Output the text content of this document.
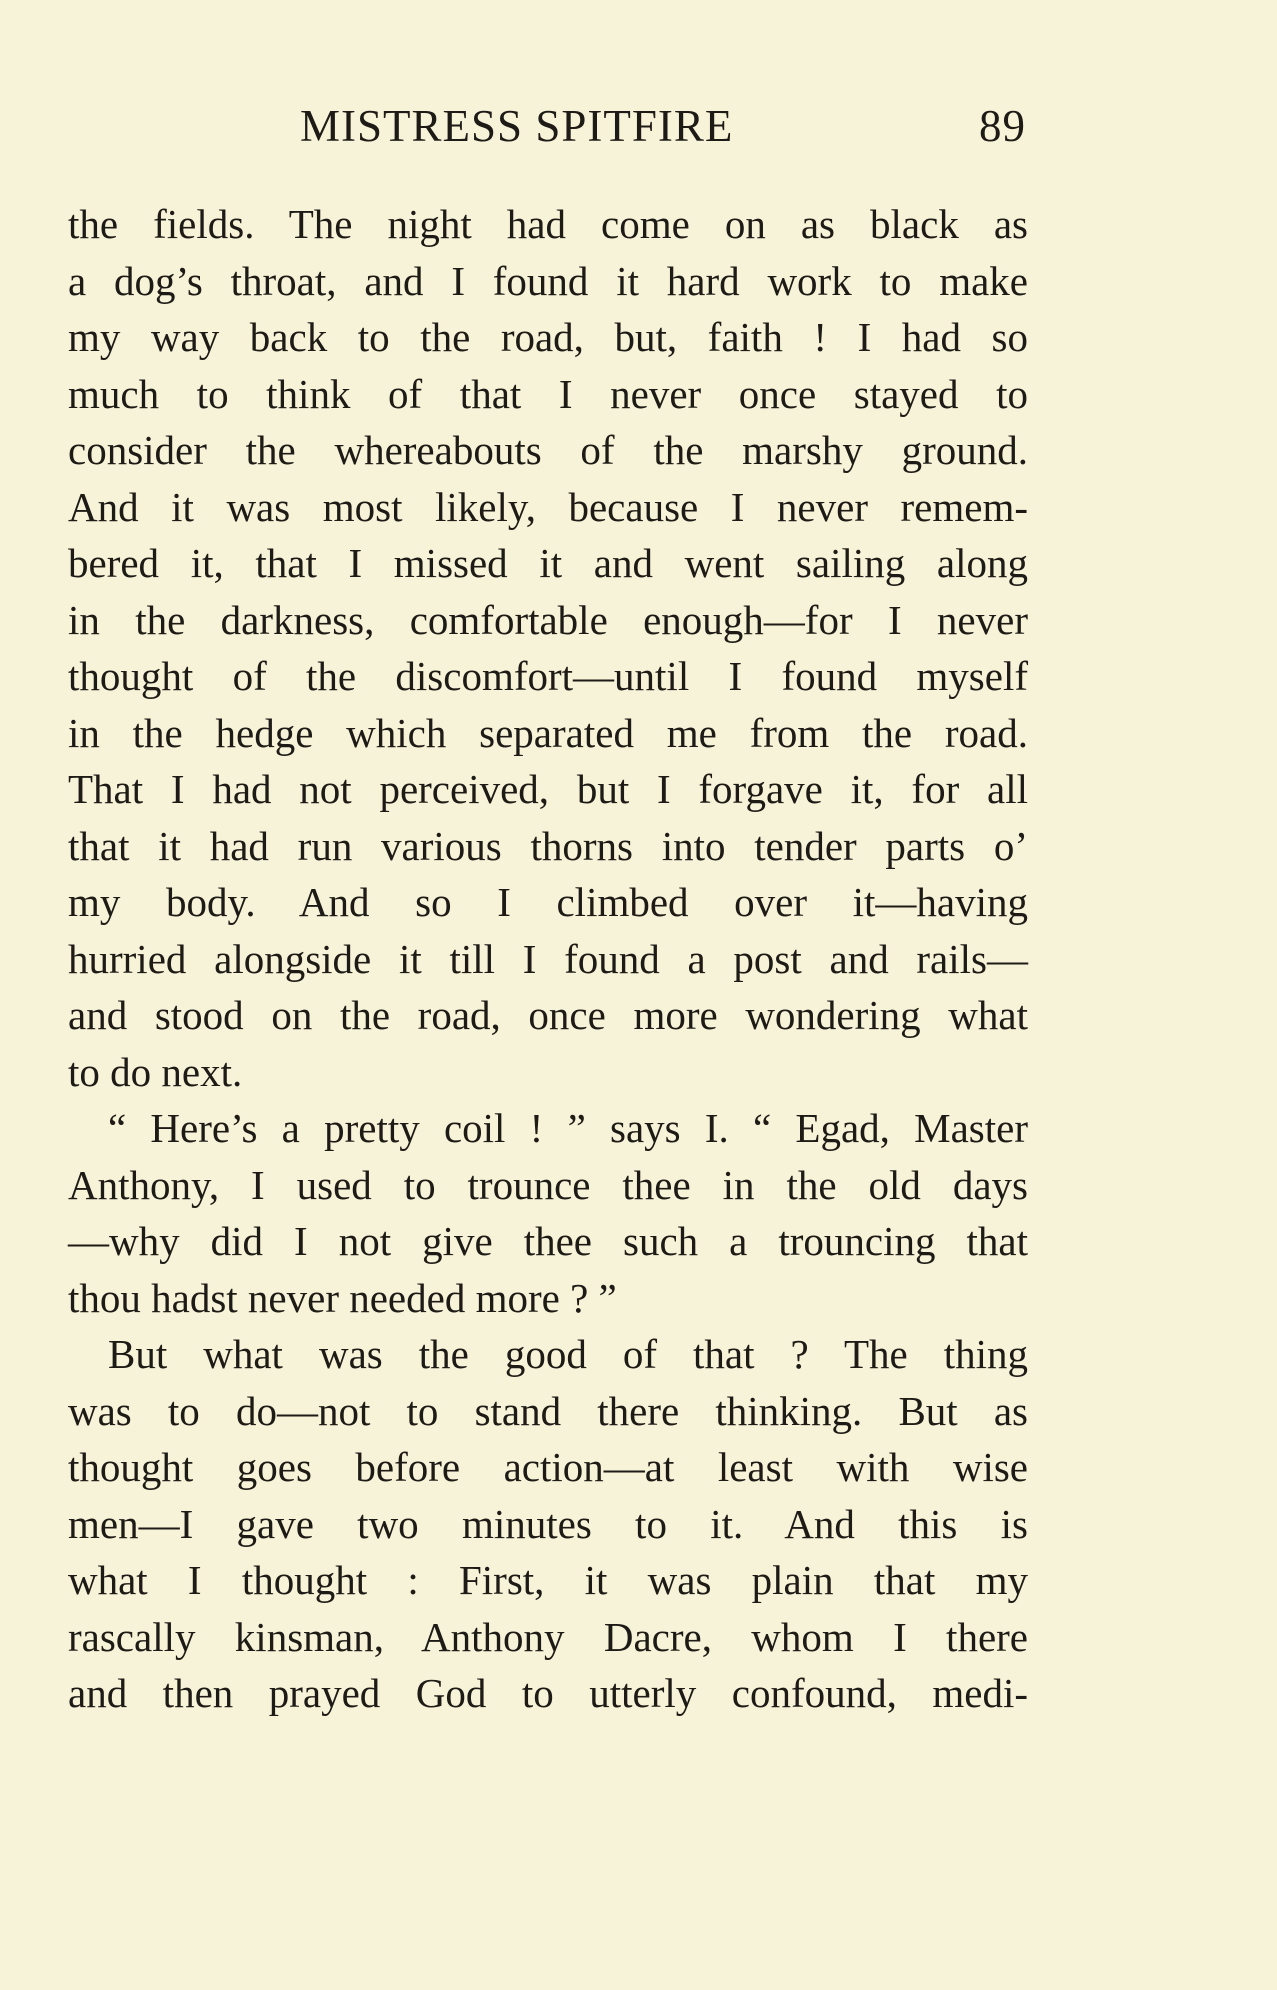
MISTRESS SPITFIRE	89
the fields. The night had come on as black as
a dog’s throat, and I found it hard work to make
my way back to the road, but, faith ! I had so
much to think of that I never once stayed to
consider the whereabouts of the marshy ground.
And it was most likely, because I never remem-
bered it, that I missed it and went sailing along
in the darkness, comfortable enough—for I never
thought of the discomfort—until I found myself
in the hedge which separated me from the road.
That I had not perceived, but I forgave it, for all
that it had run various thorns into tender parts o’
my body. And so I climbed over it—having
hurried alongside it till I found a post and rails—
and stood on the road, once more wondering what
to do next.
“ Here’s a pretty coil ! ” says I. “ Egad, Master
Anthony, I used to trounce thee in the old days
—why did I not give thee such a trouncing that
thou hadst never needed more ? ”
But what was the good of that ? The thing
was to do—not to stand there thinking. But as
thought goes before action—at least with wise
men—I gave two minutes to it. And this is
what I thought : First, it was plain that my
rascally kinsman, Anthony Dacre, whom I there
and then prayed God to utterly confound, medi-
